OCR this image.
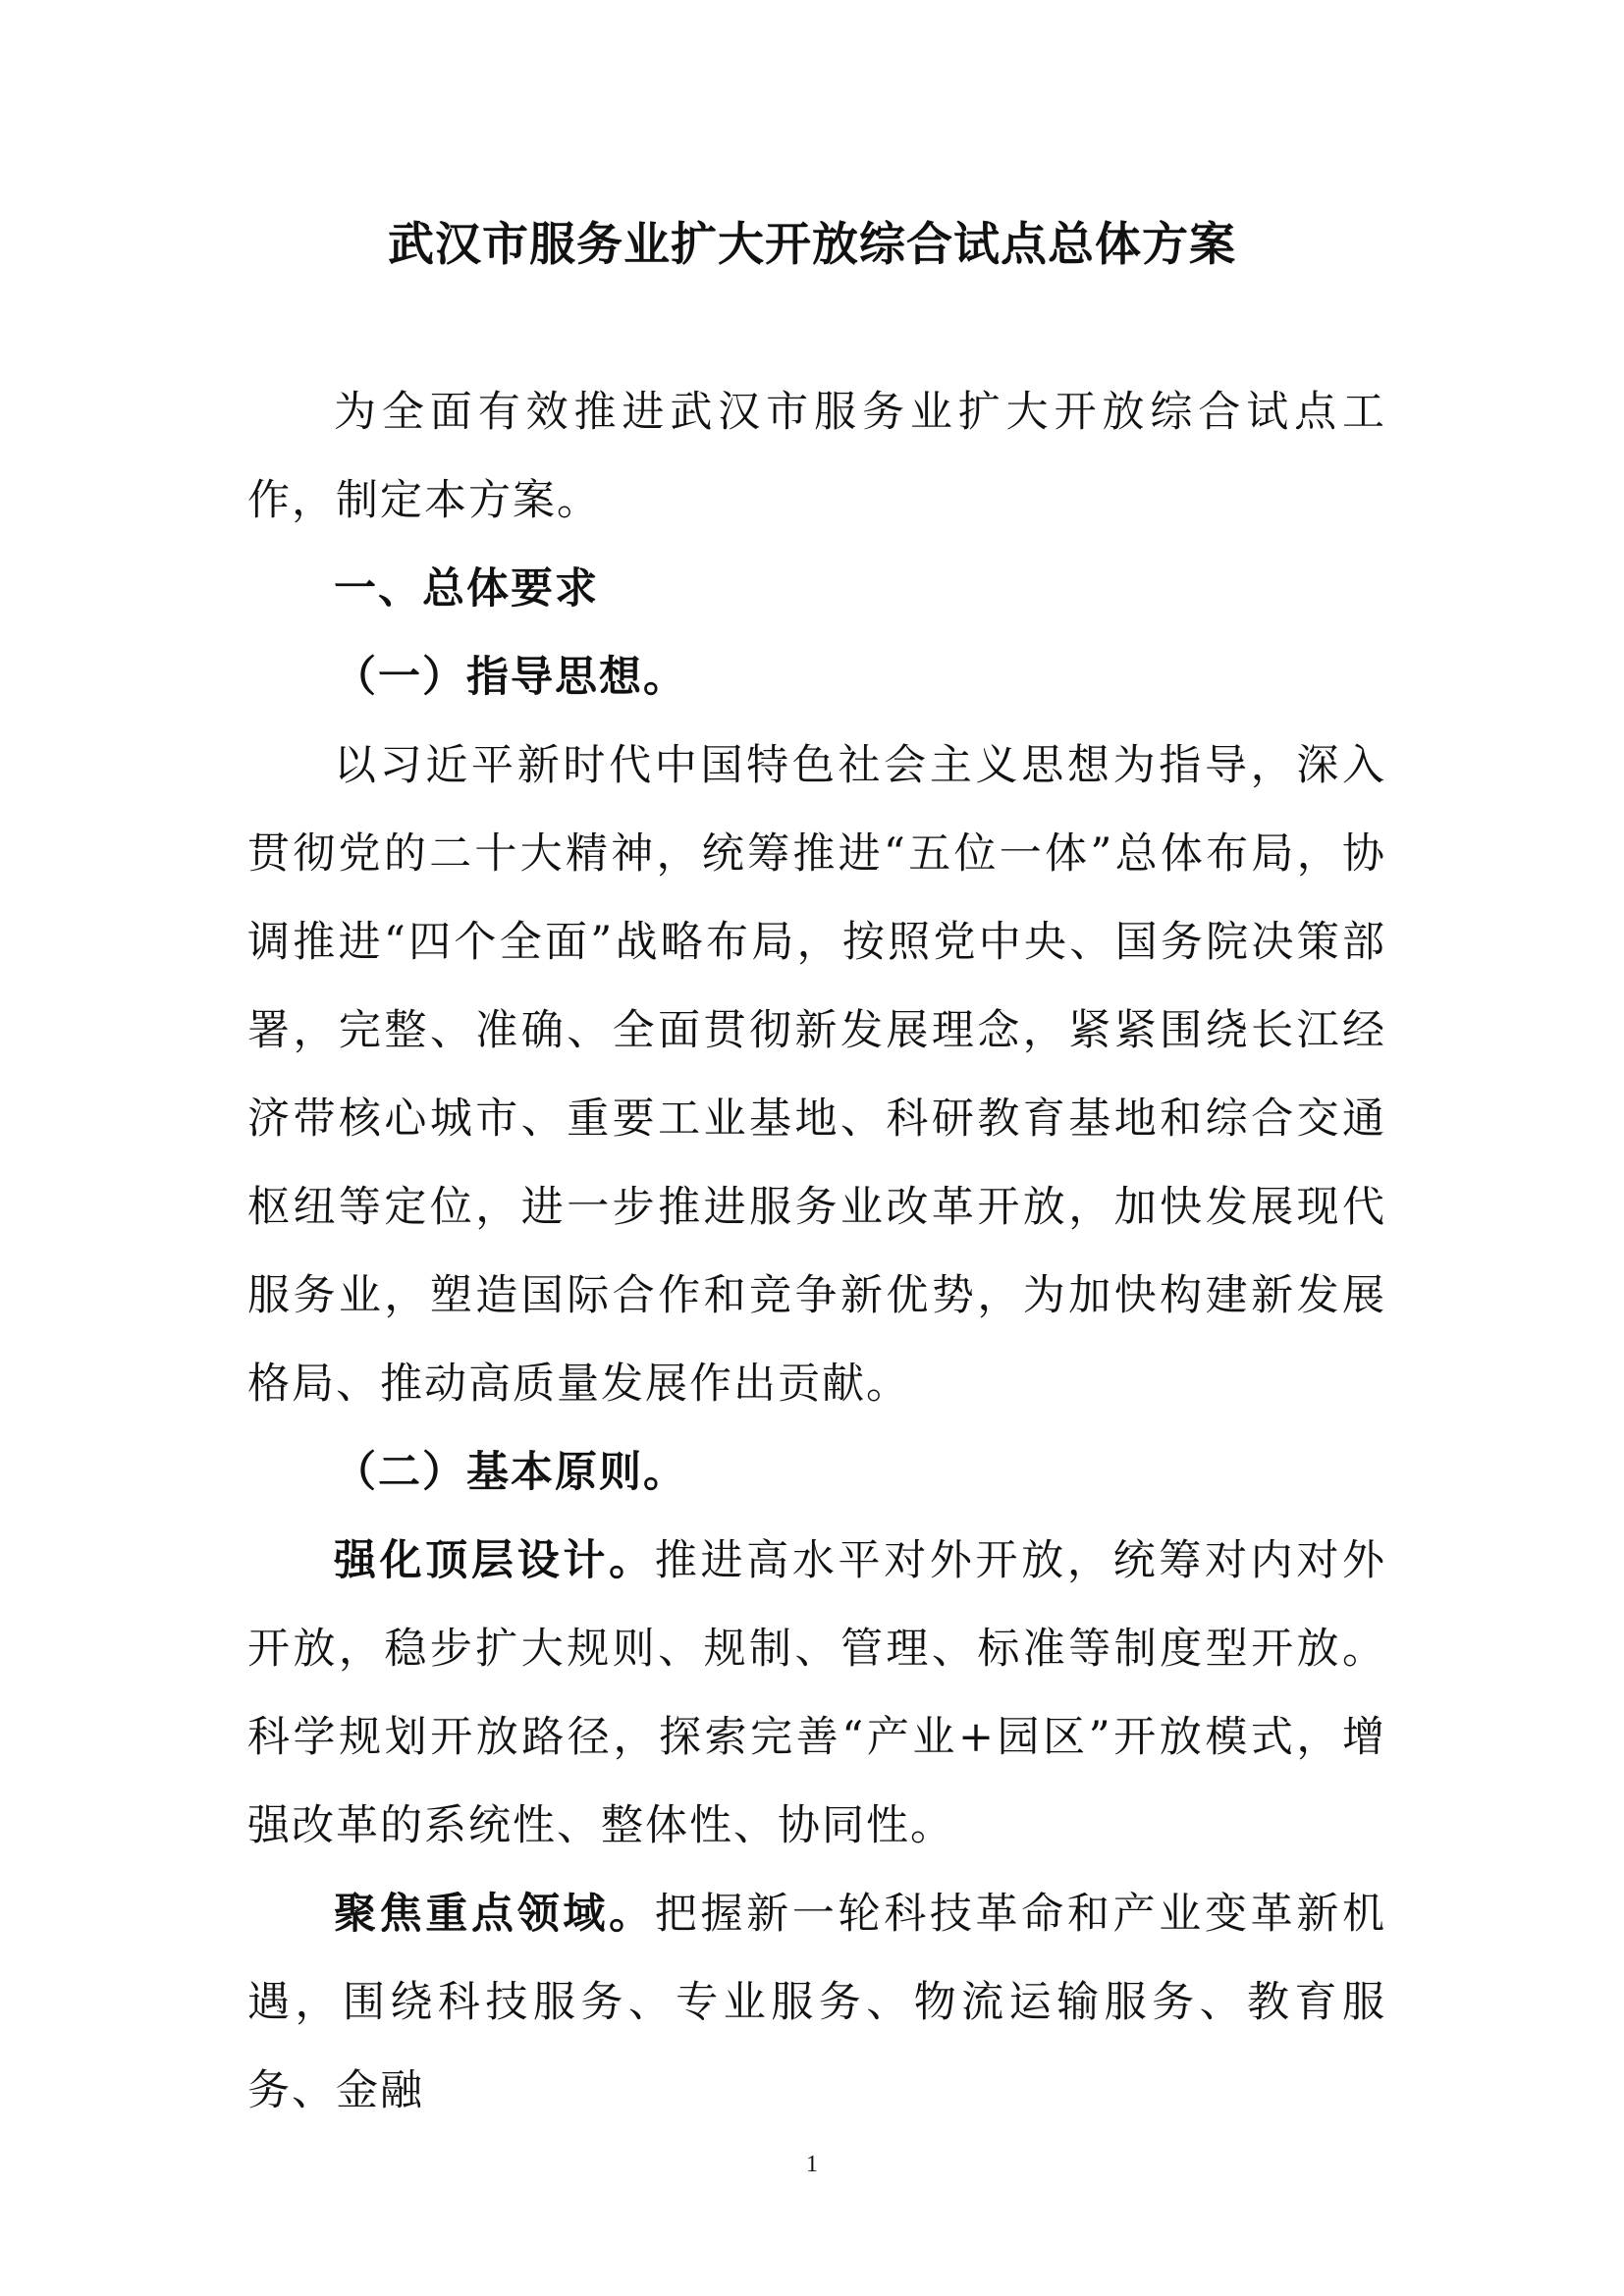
武汉市服务业扩大开放综合试点总体方案

为全面有效推进武汉市服务业扩大开放综合试点工作，制定本方案。

一、总体要求

（一）指导思想。

以习近平新时代中国特色社会主义思想为指导，深入贯彻党的二十大精神，统筹推进“五位一体”总体布局，协调推进“四个全面”战略布局，按照党中央、国务院决策部署，完整、准确、全面贯彻新发展理念，紧紧围绕长江经济带核心城市、重要工业基地、科研教育基地和综合交通枢纽等定位，进一步推进服务业改革开放，加快发展现代服务业，塑造国际合作和竞争新优势，为加快构建新发展格局、推动高质量发展作出贡献。

（二）基本原则。

强化顶层设计。推进高水平对外开放，统筹对内对外开放，稳步扩大规则、规制、管理、标准等制度型开放。科学规划开放路径，探索完善“产业+园区”开放模式，增强改革的系统性、整体性、协同性。

聚焦重点领域。把握新一轮科技革命和产业变革新机遇，围绕科技服务、专业服务、物流运输服务、教育服务、金融

1
